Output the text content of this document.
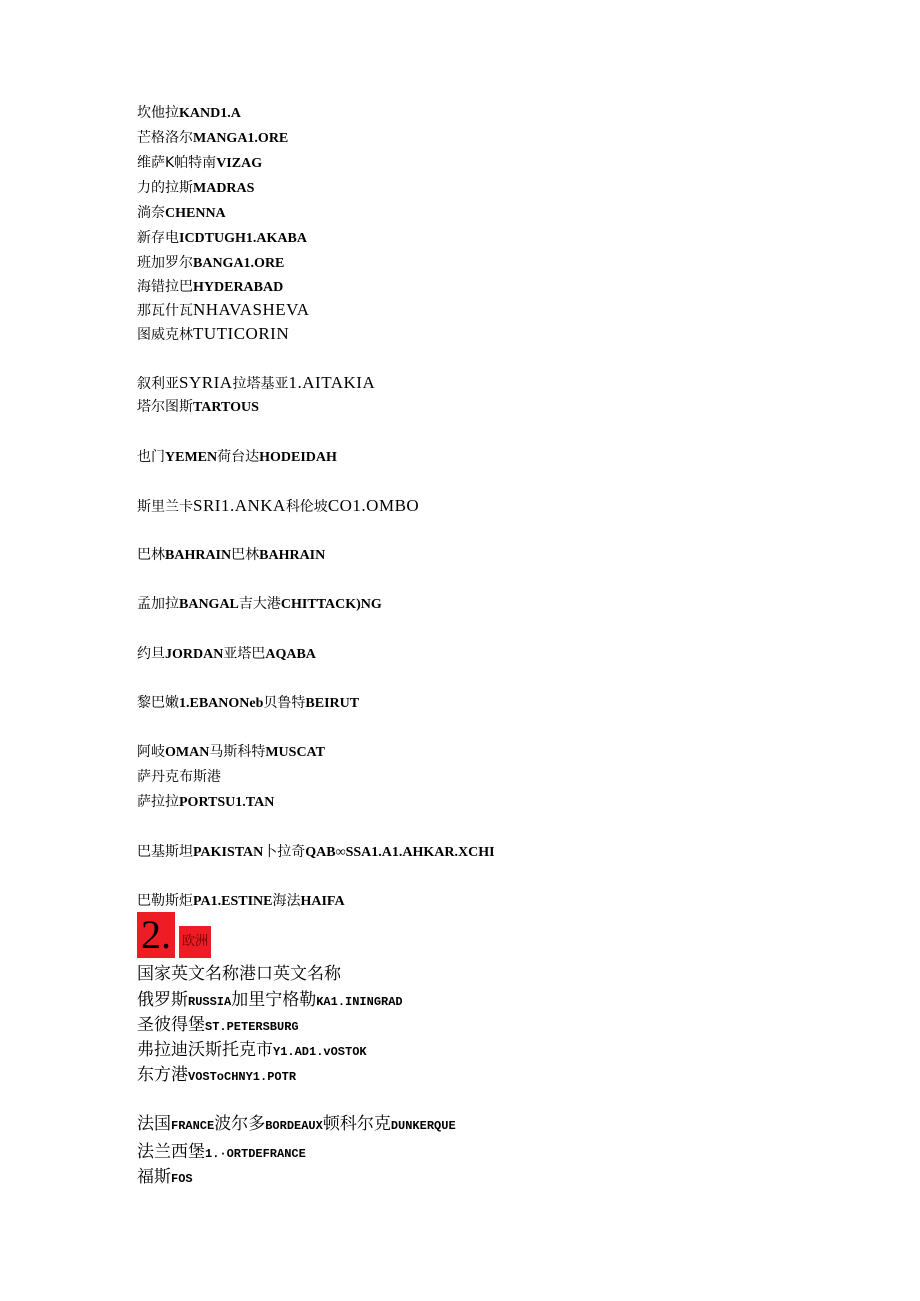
坎他拉KAND1.A
芒格洛尔MANGA1.ORE
维萨K帕特南VIZAG
力的拉斯MADRAS
淌奈CHENNA
新存电ICDTUGH1.AKABA
班加罗尔BANGA1.ORE
海错拉巴HYDERABAD
那瓦什瓦NHAVASHEVA
图威克林TUTICORIN
叙利亚SYRIA拉塔基亚1.AITAKIA
塔尔图斯TARTOUS
也门YEMEN荷台达HODEIDAH
斯里兰卡SRI1.ANKA科伦坡CO1.OMBO
巴林BAHRAIN巴林BAHRAIN
孟加拉BANGAL吉大港CHITTACK)NG
约旦JORDAN亚塔巴AQABA
黎巴嫩1.EBANONeb贝鲁特BEIRUT
阿岐OMAN马斯科特MUSCAT
萨丹克布斯港
萨拉拉PORTSU1.TAN
巴基斯坦PAKISTAN卜拉奇QAB∞SSA1.A1.AHKAR.XCHI
巴勒斯炬PA1.ESTINE海法HAIFA
2. 欧洲
国家英文名称港口英文名称
俄罗斯RUSSIA加里宁格勒KA1.ININGRAD
圣彼得堡ST.PETERSBURG
弗拉迪沃斯托克市Y1.AD1.vOSTOK
东方港VOSToCHNY1.POTR
法国FRANCE波尔多BORDEAUX顿科尔克DUNKERQUE
法兰西堡1.·ORTDEFRANCE
福斯FOS
